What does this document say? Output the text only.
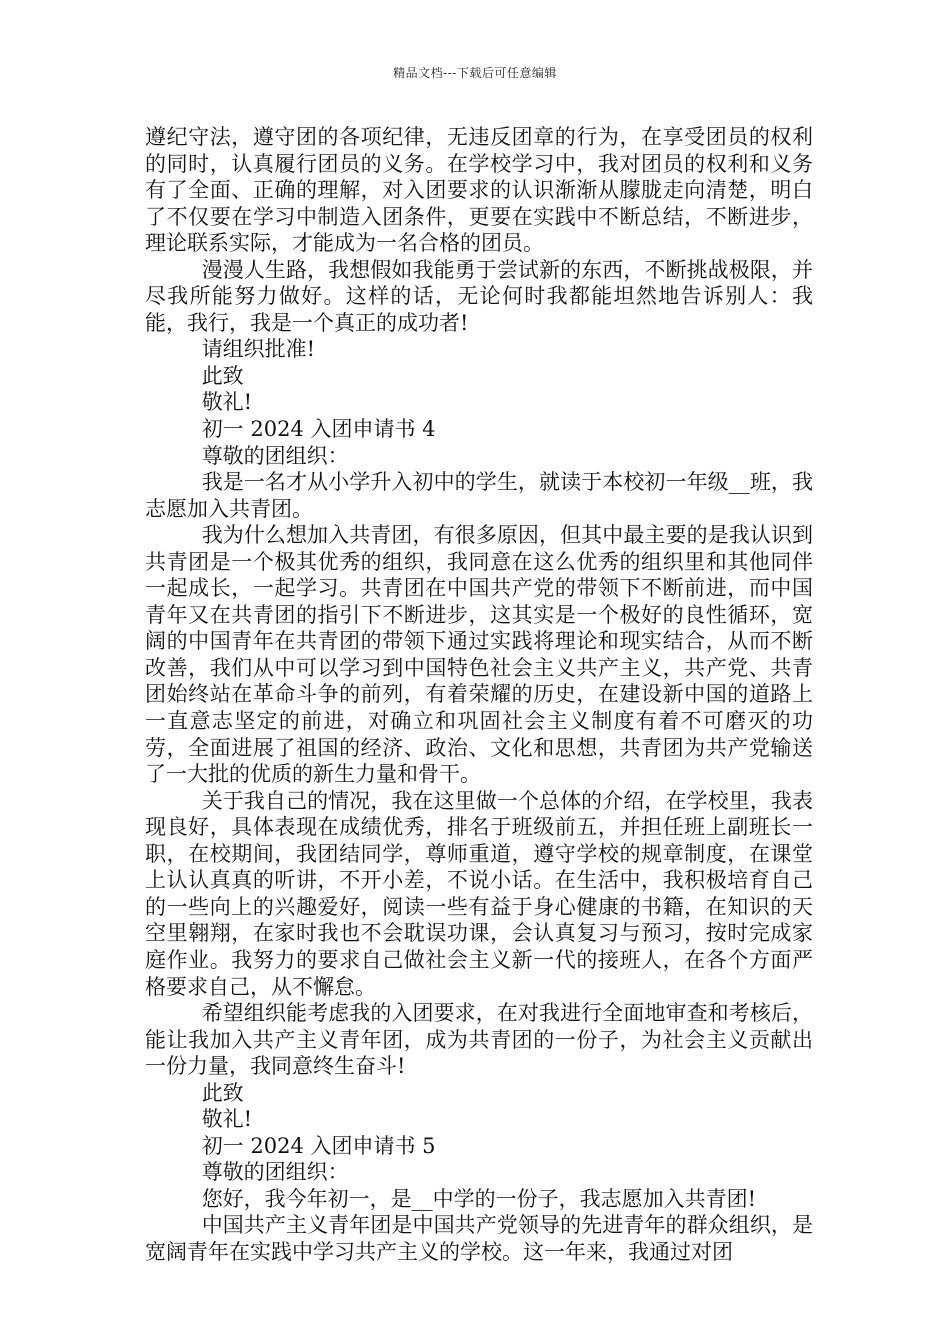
精品文档---下载后可任意编辑

遵纪守法，遵守团的各项纪律，无违反团章的行为，在享受团员的权利的同时，认真履行团员的义务。在学校学习中，我对团员的权利和义务有了全面、正确的理解，对入团要求的认识渐渐从朦胧走向清楚，明白了不仅要在学习中制造入团条件，更要在实践中不断总结，不断进步，理论联系实际，才能成为一名合格的团员。

漫漫人生路，我想假如我能勇于尝试新的东西，不断挑战极限，并尽我所能努力做好。这样的话，无论何时我都能坦然地告诉别人：我能，我行，我是一个真正的成功者!

请组织批准!

此致

敬礼!

初一 2024 入团申请书 4

尊敬的团组织：

我是一名才从小学升入初中的学生，就读于本校初一年级__班，我志愿加入共青团。

我为什么想加入共青团，有很多原因，但其中最主要的是我认识到共青团是一个极其优秀的组织，我同意在这么优秀的组织里和其他同伴一起成长，一起学习。共青团在中国共产党的带领下不断前进，而中国青年又在共青团的指引下不断进步，这其实是一个极好的良性循环，宽阔的中国青年在共青团的带领下通过实践将理论和现实结合，从而不断改善，我们从中可以学习到中国特色社会主义共产主义，共产党、共青团始终站在革命斗争的前列，有着荣耀的历史，在建设新中国的道路上一直意志坚定的前进，对确立和巩固社会主义制度有着不可磨灭的功劳，全面进展了祖国的经济、政治、文化和思想，共青团为共产党输送了一大批的优质的新生力量和骨干。

关于我自己的情况，我在这里做一个总体的介绍，在学校里，我表现良好，具体表现在成绩优秀，排名于班级前五，并担任班上副班长一职，在校期间，我团结同学，尊师重道，遵守学校的规章制度，在课堂上认认真真的听讲，不开小差，不说小话。在生活中，我积极培育自己的一些向上的兴趣爱好，阅读一些有益于身心健康的书籍，在知识的天空里翱翔，在家时我也不会耽误功课，会认真复习与预习，按时完成家庭作业。我努力的要求自己做社会主义新一代的接班人，在各个方面严格要求自己，从不懈怠。

希望组织能考虑我的入团要求，在对我进行全面地审查和考核后，能让我加入共产主义青年团，成为共青团的一份子，为社会主义贡献出一份力量，我同意终生奋斗!

此致

敬礼!

初一 2024 入团申请书 5

尊敬的团组织：

您好，我今年初一，是__中学的一份子，我志愿加入共青团!

中国共产主义青年团是中国共产党领导的先进青年的群众组织，是宽阔青年在实践中学习共产主义的学校。这一年来，我通过对团
